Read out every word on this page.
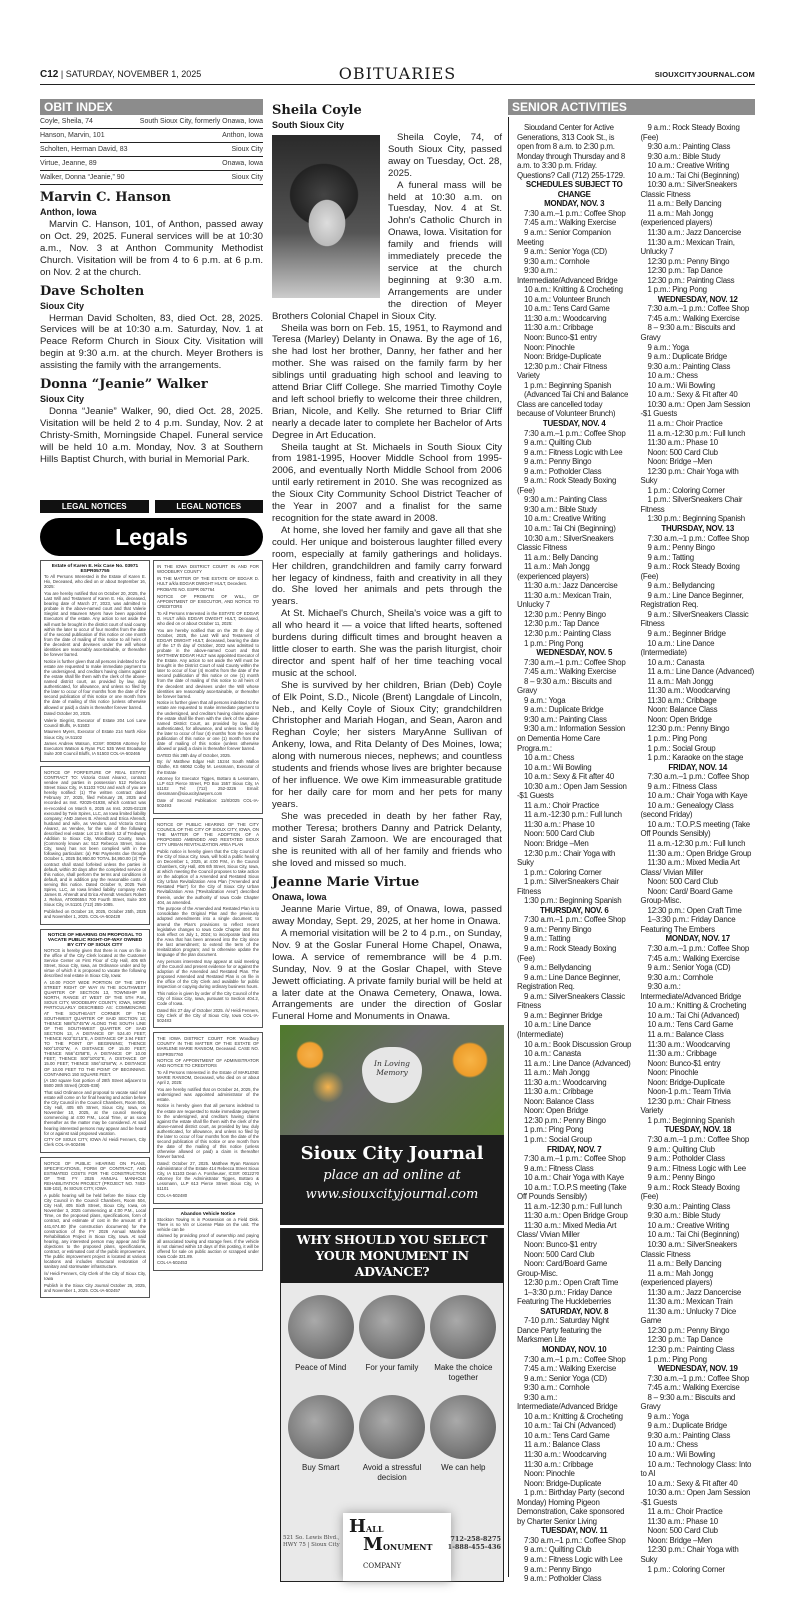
C12 | SATURDAY, NOVEMBER 1, 2025	OBITUARIES	SIOUXCITYJOURNAL.COM
OBIT INDEX
Coyle, Sheila, 74	South Sioux City, formerly Onawa, Iowa
Hanson, Marvin, 101	Anthon, Iowa
Scholten, Herman David, 83	Sioux City
Virtue, Jeanne, 89	Onawa, Iowa
Walker, Donna “Jeanie,” 90	Sioux City
Marvin C. Hanson
Anthon, Iowa

Marvin C. Hanson, 101, of Anthon, passed away on Oct. 29, 2025. Funeral services will be at 10:30 a.m., Nov. 3 at Anthon Community Methodist Church. Visitation will be from 4 to 6 p.m. at 6 p.m. on Nov. 2 at the church.

Dave Scholten
Sioux City

Herman David Scholten, 83, died Oct. 28, 2025. Services will be at 10:30 a.m. Saturday, Nov. 1 at Peace Reform Church in Sioux City. Visitation will begin at 9:30 a.m. at the church. Meyer Brothers is assisting the family with the arrangements.

Donna “Jeanie” Walker
Sioux City

Donna “Jeanie” Walker, 90, died Oct. 28, 2025. Visitation will be held 2 to 4 p.m. Sunday, Nov. 2 at Christy-Smith, Morningside Chapel. Funeral service will be held 10 a.m. Monday, Nov. 3 at Southern Hills Baptist Church, with burial in Memorial Park.

LEGAL NOTICES	LEGAL NOTICES
Legals
Estate of Karen E. Hix Case No. 03971 ESPR057755

To All Persons Interested in the Estate of Karen E. Hix, Deceased, who died on or about September 16, 2025:

You are hereby notified that on October 20, 2025, the Last Will and Testament of Karen E. Hix, deceased, bearing date of March 27, 2023, was admitted to probate in the above-named court and that Valerie Siegrist and Maureen Myers have been appointed Executors of the estate. Any action to set aside the will must be brought in the district court of said county within the later to occur of four months from the date of the second publication of this notice or one month from the date of mailing of this notice to all heirs of the decedent and devisees under the will whose identities are reasonably ascertainable, or thereafter be forever barred.

Notice is further given that all persons indebted to the estate are requested to make immediate payment to the undersigned, and creditors having claims against the estate shall file them with the clerk of the above-named district court, as provided by law, duly authenticated, for allowance, and unless so filed by the later to occur of four months from the date of the second publication of this notice or one month from the date of mailing of this notice (unless otherwise allowed or paid) a claim is thereafter forever barred.

Dated October 20, 2025.

Valerie Siegrist, Executor of Estate 204 Lori Lane Council Bluffs, IA 51503

Maureen Myers, Executor of Estate 214 North Alice Sioux City, IA 51102

James Andrew Watson, ICIS#: 008266 Attorney for Executors Watson & Ryan PLC 535 West Broadway Suite 200 Council Bluffs, IA 51503 COL-IA-502465

NOTICE OF FORFEITURE OF REAL ESTATE CONTRACT TO: Victoria Grant Alvarez, contract vendee and parties in possession 512 Rebecca Street Sioux City, IA 51103 YOU and each of you are hereby notified: (1) The written contract dated February 27, 2025, filed February 28, 2025 and recorded as Inst. #2025-01938, which contract was re-recorded on March 6, 2025 as Inst. 2025-02128 executed by Twin Spires, LLC, an Iowa limited liability company; AND James B. Ahrendt and Erica Ahrendt, husband and wife, as Vendors, and Victoria Grant Alvarez, as Vendee, for the sale of the following described real estate: Lot 13 in Block 12 of Tredways Addition to Sioux City, Woodbury County, Iowa. (Commonly known as: 512 Rebecca Street, Sioux City, Iowa) has not been complied with in the following particulars: (a) P&I Payments due through October 1, 2025 $4,950.00 TOTAL $4,950.00 (2) The contract shall stand forfeited unless the parties in default, within 30 days after the completed service of this notice, shall perform the terms and conditions in default, and in addition pay the reasonable costs of serving this notice. Dated October 9, 2025 Twin Spires, LLC, an Iowa limited liability company AND James B. Ahrendt and Erica Ahrendt Vendors Robert J. Rehan, AT0006554 700 Fourth Street, Suite 300 Sioux City, IA 51101 (712) 255-1085.

Published on October 18, 2025, October 25th, 2025 and November 1, 2025. COL-IA-502428

NOTICE OF HEARING ON PROPOSAL TO VACATE PUBLIC RIGHT-OF-WAY OWNED BY CITY OF SIOUX CITY

NOTICE is hereby given that there is now on file in the office of the City Clerk located at the Customer Service Center on First Floor of City Hall, 405 6th Street, Sioux City, Iowa, an Ordinance under and by virtue of which it is proposed to vacate the following described real estate in Sioux City, Iowa:

A 10.00 FOOT WIDE PORTION OF THE 28TH STREET RIGHT OF WAY IN THE SOUTHWEST QUARTER OF SECTION 13, TOWNSHIP 89 NORTH, RANGE 47 WEST OF THE 5TH P.M., SIOUX CITY, WOODBURY COUNTY, IOWA, MORE PARTICULARLY DESCRIBED AS: COMMENCING AT THE SOUTHEAST CORNER OF THE SOUTHWEST QUARTER OF SAID SECTION 13; THENCE N88°57'45"W ALONG THE SOUTH LINE OF THE SOUTHWEST QUARTER OF SAID SECTION 13, A DISTANCE OF 524.40 FEET; THENCE N03°02'15"E, A DISTANCE OF 3.94 FEET TO THE POINT OF BEGINNING; THENCE N00°10'02"W, A DISTANCE OF 15.00 FEET; THENCE N56°43'58"E, A DISTANCE OF 10.00 FEET; THENCE S00°10'02"E, A DISTANCE OF 15.00 FEET; THENCE S56°43'58"W, A DISTANCE OF 10.00 FEET TO THE POINT OF BEGINNING. CONTAINING 150 SQUARE FEET.

(A 150 square foot portion of 28th Street adjacent to 5500 28th Street) (2025-038)

That said Ordinance and proposal to vacate said real estate will come on for final hearing and action before the City Council in the Council Chambers, Room 504, City Hall, 405 6th Street, Sioux City, Iowa, on November 10, 2025, at the council meeting commencing at 4:00 P.M., Local Time, or as soon thereafter as the matter may be considered. At said hearing interested persons may appear and be heard for or against said proposed vacation.

CITY OF SIOUX CITY, IOWA /s/ Heidi Fenners, City Clerk COL-IA-502496

NOTICE OF PUBLIC HEARING ON PLANS, SPECIFICATIONS, FORM OF CONTRACT, AND ESTIMATED COSTS FOR THE CONSTRUCTION OF THE FY 2026 ANNUAL MANHOLE REHABILITATION PROJECT (PROJECT NO. 7403-538-102), IN SIOUX CITY, IOWA

A public hearing will be held before the Sioux City City Council in the Council Chambers, Room 504, City Hall, 405 Sixth Street, Sioux City, Iowa, on November 3, 2025 commencing at 4:00 P.M., Local Time, on the proposed plans, specifications, form of contract, and estimate of cost in the amount of $ 441,674.80 (the construction documents) for the construction of the FY 2026 Annual Manhole Rehabilitation Project in Sioux City, Iowa. At said hearing, any interested person may appear and file objections to the proposed plans, specifications, contract, or estimated cost of the public improvement. The public improvement project is located at various locations and includes structural restoration of sanitary and stormwater infrastructure.

/s/ Heidi Fenners, City Clerk of the City of Sioux City, Iowa

Publish in the Sioux City Journal October 25, 2025, and November 1, 2025. COL-IA-502457

IN THE IOWA DISTRICT COURT IN AND FOR WOODBURY COUNTY

IN THE MATTER OF THE ESTATE OF EDGAR D. HULT a/k/a EDGAR DWIGHT HULT, Decedent.

PROBATE NO. ESPR 057764

NOTICE OF PROBATE OF WILL, OF APPOINTMENT OF EXECUTOR, AND NOTICE TO CREDITORS

To All Persons Interested in the ESTATE OF EDGAR D. HULT a/k/a EDGAR DWIGHT HULT, Deceased, who died on or about October 11, 2025:

You are hereby notified that on the 28 th day of October, 2025, the Last Will and Testament of EDGAR DWIGHT HULT, deceased, bearing the date of the 17 th day of October, 2022 was admitted to probate in the above-named Court and that MATTHEW EDGAR HULT was appointed Executor of the Estate. Any action to set aside the Will must be brought in the District Court of said County within the later to occur of four (4) months from the date of the second publication of this notice or one (1) month from the date of mailing of this notice to all heirs of the decedent and devisees under the Will whose identities are reasonably ascertainable, or thereafter be forever barred.

Notice is further given that all persons indebted to the estate are requested to make immediate payment to the undersigned, and creditors having claims against the estate shall file them with the clerk of the above-named District Court, as provided by law, duly authenticated, for allowance, and unless so filed by the later to occur of four (4) months from the second publication of this notice or one (1) month from the date of mailing of this notice (unless otherwise allowed or paid) a claim is thereafter forever barred.

DATED this 28th day of October, 2025.

By: /s/ Matthew Edgar Hult 15244 South Mallon Olathe, KS 66062 Colby M. Lessmann, Executor of the Estate

Attorney for Executor Tigges, Bottaro & Lessmann, LLP 613 Pierce Street, PO Box 1557 Sioux City, IA 51102 Tel: (712) 252-3226 Email: clessmann@siouxcitylawyers.com

Date of Second Publication: 11/8/2025 COL-IA-502493

NOTICE OF PUBLIC HEARING OF THE CITY COUNCIL OF THE CITY OF SIOUX CITY, IOWA, ON THE MATTER OF THE ADOPTION OF A PROPOSED AMENDED AND RESTATED SIOUX CITY URBAN REVITALIZATION AREA PLAN

Public notice is hereby given that the City Council of the City of Sioux City, Iowa, will hold a public hearing on December 1, 2025, at 4:00 P.M., in the Council Chambers, City Hall, 405 6th Street, Sioux City, Iowa, at which meeting the Council proposes to take action on the adoption of a Amended and Restated Sioux City Urban Revitalization Area Plan ("Amended and Restated Plan") for the City of Sioux City Urban Revitalization Area ("Revitalization Area") described therein, under the authority of Iowa Code Chapter 404, as amended.

The purpose of the Amended and Restated Plan is to consolidate the Original Plan and the previously adopted amendments into a single document; to amend the Plan's provisions to reflect recent legislative changes to Iowa Code Chapter 404 that took effect on July 1, 2024; to incorporate land into the Area that has been annexed into the City since the last amendment; to extend the term of the revitalization program; and to otherwise update the language of the plan document.

Any persons interested may appear at said meeting of the Council and present evidence for or against the adoption of the Amended and Restated Plan. The proposed Amended and Restated Plan is on file in the office of the City Clerk and available for public inspection or copying during ordinary business hours.

This notice is given by order of the City Council of the City of Sioux City, Iowa, pursuant to Section 404.2, Code of Iowa.

Dated this 27 day of October 2025. /s/ Heidi Fenners, City Clerk of the City of Sioux City, Iowa COL-IA-502483

THE IOWA DISTRICT COURT FOR Woodbury COUNTY IN THE MATTER OF THE ESTATE OF MARLENE MARIE RANSOM, Deceased. CASE NO. ESPR057760

NOTICE OF APPOINTMENT OF ADMINISTRATOR AND NOTICE TO CREDITORS

To All Persons Interested in the Estate of MARLENE MARIE RANSOM, Deceased, who died on or about April 2, 2025:

You are hereby notified that on October 24, 2025, the undersigned was appointed administrator of the estate.

Notice is hereby given that all persons indebted to the estate are requested to make immediate payment to the undersigned, and creditors having claims against the estate shall file them with the clerk of the above-named district court, as provided by law, duly authenticated, for allowance, and unless so filed by the later to occur of four months from the date of the second publication of this notice or one month from the date of the mailing of this notice (unless otherwise allowed or paid) a claim is thereafter forever barred.

Dated: October 27, 2025. Matthew Ryan Ransom Administrator of the Estate 414 Rebecca Street Sioux City, IA 51103 Dean A. Forsheuser, ICIS#: 00122?0 Attorney for the Administrator Tigges, Bottaro & Lessmann, LLP 613 Pierce Street Sioux City, IA 51101

COL-IA-502480

Abandon Vehicle Notice

Stockton Towing Is in Possession on a Field Disk. There is no Vin or License Plate on the unit. The vehicle can be

claimed by providing proof of ownership and paying all associated towing and storage fees. If the vehicle is not claimed within 10 days of this posting, it will be offered for sale on public auction or scrapped under Iowa Code 321.89.

COL-IA-502453

Sheila Coyle
South Sioux City

Sheila Coyle, 74, of South Sioux City, passed away on Tuesday, Oct. 28, 2025.

A funeral mass will be held at 10:30 a.m. on Tuesday, Nov. 4 at St. John's Catholic Church in Onawa, Iowa. Visitation for family and friends will immediately precede the service at the church beginning at 9:30 a.m. Arrangements are under the direction of Meyer Brothers Colonial Chapel in Sioux City.

Sheila was born on Feb. 15, 1951, to Raymond and Teresa (Marley) Delanty in Onawa. By the age of 16, she had lost her brother, Danny, her father and her mother. She was raised on the family farm by her siblings until graduating high school and leaving to attend Briar Cliff College. She married Timothy Coyle and left school briefly to welcome their three children, Brian, Nicole, and Kelly. She returned to Briar Cliff nearly a decade later to complete her Bachelor of Arts Degree in Art Education.

Sheila taught at St. Michaels in South Sioux City from 1981-1995, Hoover Middle School from 1995-2006, and eventually North Middle School from 2006 until early retirement in 2010. She was recognized as the Sioux City Community School District Teacher of the Year in 2007 and a finalist for the same recognition for the state award in 2008.

At home, she loved her family and gave all that she could. Her unique and boisterous laughter filled every room, especially at family gatherings and holidays. Her children, grandchildren and family carry forward her legacy of kindness, faith and creativity in all they do. She loved her animals and pets through the years.

At St. Michael's Church, Sheila's voice was a gift to all who heard it — a voice that lifted hearts, softened burdens during difficult times and brought heaven a little closer to earth. She was the parish liturgist, choir director and spent half of her time teaching vocal music at the school.

She is survived by her children, Brian (Deb) Coyle of Elk Point, S.D., Nicole (Brent) Langdale of Lincoln, Neb., and Kelly Coyle of Sioux City; grandchildren Christopher and Mariah Hogan, and Sean, Aaron and Reghan Coyle; her sisters MaryAnne Sullivan of Ankeny, Iowa, and Rita Delanty of Des Moines, Iowa; along with numerous nieces, nephews; and countless students and friends whose lives are brighter because of her influence. We owe Kim immeasurable gratitude for her daily care for mom and her pets for many years.

She was preceded in death by her father Ray, mother Teresa; brothers Danny and Patrick Delanty, and sister Sarah Zamoon. We are encouraged that she is reunited with all of her family and friends who she loved and missed so much.

Jeanne Marie Virtue
Onawa, Iowa

Jeanne Marie Virtue, 89, of Onawa, Iowa, passed away Monday, Sept. 29, 2025, at her home in Onawa.

A memorial visitation will be 2 to 4 p.m., on Sunday, Nov. 9 at the Goslar Funeral Home Chapel, Onawa, Iowa. A service of remembrance will be 4 p.m. Sunday, Nov. 9 at the Goslar Chapel, with Steve Jewett officiating. A private family burial will be held at a later date at the Onawa Cemetery, Onawa, Iowa. Arrangements are under the direction of Goslar Funeral Home and Monuments in Onawa.

In Loving Memory
Sioux City Journal
place an ad online at
www.siouxcityjournal.com
WHY SHOULD YOU SELECT YOUR MONUMENT IN ADVANCE?
Peace of Mind	For your family	Make the choice together
Buy Smart	Avoid a stressful decision
We can help
521 So. Lewis Blvd.,
HWY 75 | Sioux City
HALL
MONUMENT COMPANY
712-258-8275
1-888-455-436
SENIOR ACTIVITIES
Siouxland Center for Active Generations, 313 Cook St., is open from 8 a.m. to 2:30 p.m. Monday through Thursday and 8 a.m. to 3:30 p.m. Friday. Questions? Call (712) 255-1729.
SCHEDULES SUBJECT TO CHANGE
MONDAY, NOV. 3
7:30 a.m.–1 p.m.: Coffee Shop
7:45 a.m.: Walking Exercise
9 a.m.: Senior Companion Meeting
9 a.m.: Senior Yoga (CD)
9:30 a.m.: Cornhole
9:30 a.m.: Intermediate/Advanced Bridge
10 a.m.: Knitting & Crocheting
10 a.m.: Volunteer Brunch
10 a.m.: Tens Card Game
11:30 a.m.: Woodcarving
11:30 a.m.: Cribbage
Noon: Bunco-$1 entry
Noon: Pinochle
Noon: Bridge-Duplicate
12:30 p.m.: Chair Fitness Variety
1 p.m.: Beginning Spanish
(Advanced Tai Chi and Balance Class are cancelled today because of Volunteer Brunch)
TUESDAY, NOV. 4
7:30 a.m.–1 p.m.: Coffee Shop
9 a.m.: Quilting Club
9 a.m.: Fitness Logic with Lee
9 a.m.: Penny Bingo
9 a.m.: Potholder Class
9 a.m.: Rock Steady Boxing (Fee)
9:30 a.m.: Painting Class
9:30 a.m.: Bible Study
10 a.m.: Creative Writing
10 a.m.: Tai Chi (Beginning)
10:30 a.m.: SilverSneakers Classic Fitness
11 a.m.: Belly Dancing
11 a.m.: Mah Jongg (experienced players)
11:30 a.m.: Jazz Dancercise
11:30 a.m.: Mexican Train, Unlucky 7
12:30 p.m.: Penny Bingo
12:30 p.m.: Tap Dance
12:30 p.m.: Painting Class
1 p.m.: Ping Pong
WEDNESDAY, NOV. 5
7:30 a.m.–1 p.m.: Coffee Shop
7:45 a.m.: Walking Exercise
8 – 9:30 a.m.: Biscuits and Gravy
9 a.m.: Yoga
9 a.m.: Duplicate Bridge
9:30 a.m.: Painting Class
9:30 a.m.: Information Session on Dementia Home Care Progra.m.:
10 a.m.: Chess
10 a.m.: Wii Bowling
10 a.m.: Sexy & Fit after 40
10:30 a.m.: Open Jam Session -$1 Guests
11 a.m.: Choir Practice
11 a.m.-12:30 p.m.: Full lunch
11:30 a.m.: Phase 10
Noon: 500 Card Club
Noon: Bridge –Men
12:30 p.m.: Chair Yoga with Suky
1 p.m.: Coloring Corner
1 p.m.: SilverSneakers Chair Fitness
1:30 p.m.: Beginning Spanish
THURSDAY, NOV. 6
7:30 a.m.–1 p.m.: Coffee Shop
9 a.m.: Penny Bingo
9 a.m.: Tatting
9 a.m.: Rock Steady Boxing (Fee)
9 a.m.: Bellydancing
9 a.m.: Line Dance Beginner, Registration Req.
9 a.m.: SilverSneakers Classic Fitness
9 a.m.: Beginner Bridge
10 a.m.: Line Dance (Intermediate)
10 a.m.: Book Discussion Group
10 a.m.: Canasta
11 a.m.: Line Dance (Advanced)
11 a.m.: Mah Jongg
11:30 a.m.: Woodcarving
11:30 a.m.: Cribbage
Noon: Balance Class
Noon: Open Bridge
12:30 p.m.: Penny Bingo
1 p.m.: Ping Pong
1 p.m.: Social Group
FRIDAY, NOV. 7
7:30 a.m.–1 p.m.: Coffee Shop
9 a.m.: Fitness Class
10 a.m.: Chair Yoga with Kaye
10 a.m.: T.O.P.S meeting (Take Off Pounds Sensibly)
11 a.m.-12:30 p.m.: Full lunch
11:30 a.m.: Open Bridge Group
11:30 a.m.: Mixed Media Art Class/ Vivian Miller
Noon: Bunco-$1 entry
Noon: 500 Card Club
Noon: Card/Board Game Group-Misc.
12:30 p.m.: Open Craft Time
1–3:30 p.m.: Friday Dance Featuring The Huckleberries
SATURDAY, NOV. 8
7-10 p.m.: Saturday Night Dance Party featuring the Marksmen Lite
MONDAY, NOV. 10
7:30 a.m.–1 p.m.: Coffee Shop
7:45 a.m.: Walking Exercise
9 a.m.: Senior Yoga (CD)
9:30 a.m.: Cornhole
9:30 a.m.: Intermediate/Advanced Bridge
10 a.m.: Knitting & Crocheting
10 a.m.: Tai Chi (Advanced)
10 a.m.: Tens Card Game
11 a.m.: Balance Class
11:30 a.m.: Woodcarving
11:30 a.m.: Cribbage
Noon: Pinochle
Noon: Bridge-Duplicate
1 p.m.: Birthday Party (second Monday) Homing Pigeon Demonstration, Cake sponsored by Charter Senior Living
TUESDAY, NOV. 11
7:30 a.m.–1 p.m.: Coffee Shop
9 a.m.: Quilting Club
9 a.m.: Fitness Logic with Lee
9 a.m.: Penny Bingo
9 a.m.: Potholder Class
9 a.m.: Rock Steady Boxing (Fee)
9:30 a.m.: Painting Class
9:30 a.m.: Bible Study
10 a.m.: Creative Writing
10 a.m.: Tai Chi (Beginning)
10:30 a.m.: SilverSneakers Classic Fitness
11 a.m.: Belly Dancing
11 a.m.: Mah Jongg (experienced players)
11:30 a.m.: Jazz Dancercise
11:30 a.m.: Mexican Train, Unlucky 7
12:30 p.m.: Penny Bingo
12:30 p.m.: Tap Dance
12:30 p.m.: Painting Class
1 p.m.: Ping Pong
WEDNESDAY, NOV. 12
7:30 a.m.–1 p.m.: Coffee Shop
7:45 a.m.: Walking Exercise
8 – 9:30 a.m.: Biscuits and Gravy
9 a.m.: Yoga
9 a.m.: Duplicate Bridge
9:30 a.m.: Painting Class
10 a.m.: Chess
10 a.m.: Wii Bowling
10 a.m.: Sexy & Fit after 40
10:30 a.m.: Open Jam Session -$1 Guests
11 a.m.: Choir Practice
11 a.m.-12:30 p.m.: Full lunch
11:30 a.m.: Phase 10
Noon: 500 Card Club
Noon: Bridge –Men
12:30 p.m.: Chair Yoga with Suky
1 p.m.: Coloring Corner
1 p.m.: SilverSneakers Chair Fitness
1:30 p.m.: Beginning Spanish
THURSDAY, NOV. 13
7:30 a.m.–1 p.m.: Coffee Shop
9 a.m.: Penny Bingo
9 a.m.: Tatting
9 a.m.: Rock Steady Boxing (Fee)
9 a.m.: Bellydancing
9 a.m.: Line Dance Beginner, Registration Req.
9 a.m.: SilverSneakers Classic Fitness
9 a.m.: Beginner Bridge
10 a.m.: Line Dance (Intermediate)
10 a.m.: Canasta
11 a.m.: Line Dance (Advanced)
11 a.m.: Mah Jongg
11:30 a.m.: Woodcarving
11:30 a.m.: Cribbage
Noon: Balance Class
Noon: Open Bridge
12:30 p.m.: Penny Bingo
1 p.m.: Ping Pong
1 p.m.: Social Group
1 p.m.: Karaoke on the stage
FRIDAY, NOV. 14
7:30 a.m.–1 p.m.: Coffee Shop
9 a.m.: Fitness Class
10 a.m.: Chair Yoga with Kaye
10 a.m.: Genealogy Class (second Friday)
10 a.m.: T.O.P.S meeting (Take Off Pounds Sensibly)
11 a.m.-12:30 p.m.: Full lunch
11:30 a.m.: Open Bridge Group
11:30 a.m.: Mixed Media Art Class/ Vivian Miller
Noon: 500 Card Club
Noon: Card/ Board Game Group-Misc.
12:30 p.m.: Open Craft Time
1–3:30 p.m.: Friday Dance Featuring The Embers
MONDAY, NOV. 17
7:30 a.m.–1 p.m.: Coffee Shop
7:45 a.m.: Walking Exercise
9 a.m.: Senior Yoga (CD)
9:30 a.m.: Cornhole
9:30 a.m.: Intermediate/Advanced Bridge
10 a.m.: Knitting & Crocheting
10 a.m.: Tai Chi (Advanced)
10 a.m.: Tens Card Game
11 a.m.: Balance Class
11:30 a.m.: Woodcarving
11:30 a.m.: Cribbage
Noon: Bunco-$1 entry
Noon: Pinochle
Noon: Bridge-Duplicate
Noon-1 p.m.: Team Trivia
12:30 p.m.: Chair Fitness Variety
1 p.m.: Beginning Spanish
TUESDAY, NOV. 18
7:30 a.m.–1 p.m.: Coffee Shop
9 a.m.: Quilting Club
9 a.m.: Potholder Class
9 a.m.: Fitness Logic with Lee
9 a.m.: Penny Bingo
9 a.m.: Rock Steady Boxing (Fee)
9:30 a.m.: Painting Class
9:30 a.m.: Bible Study
10 a.m.: Creative Writing
10 a.m.: Tai Chi (Beginning)
10:30 a.m.: SilverSneakers Classic Fitness
11 a.m.: Belly Dancing
11 a.m.: Mah Jongg (experienced players)
11:30 a.m.: Jazz Dancercise
11:30 a.m.: Mexican Train
11:30 a.m.: Unlucky 7 Dice Game
12:30 p.m.: Penny Bingo
12:30 p.m.: Tap Dance
12:30 p.m.: Painting Class
1 p.m.: Ping Pong
WEDNESDAY, NOV. 19
7:30 a.m.–1 p.m.: Coffee Shop
7:45 a.m.: Walking Exercise
8 – 9:30 a.m.: Biscuits and Gravy
9 a.m.: Yoga
9 a.m.: Duplicate Bridge
9:30 a.m.: Painting Class
10 a.m.: Chess
10 a.m.: Wii Bowling
10 a.m.: Technology Class: Into to AI
10 a.m.: Sexy & Fit after 40
10:30 a.m.: Open Jam Session -$1 Guests
11 a.m.: Choir Practice
11:30 a.m.: Phase 10
Noon: 500 Card Club
Noon: Bridge –Men
12:30 p.m.: Chair Yoga with Suky
1 p.m.: Coloring Corner
